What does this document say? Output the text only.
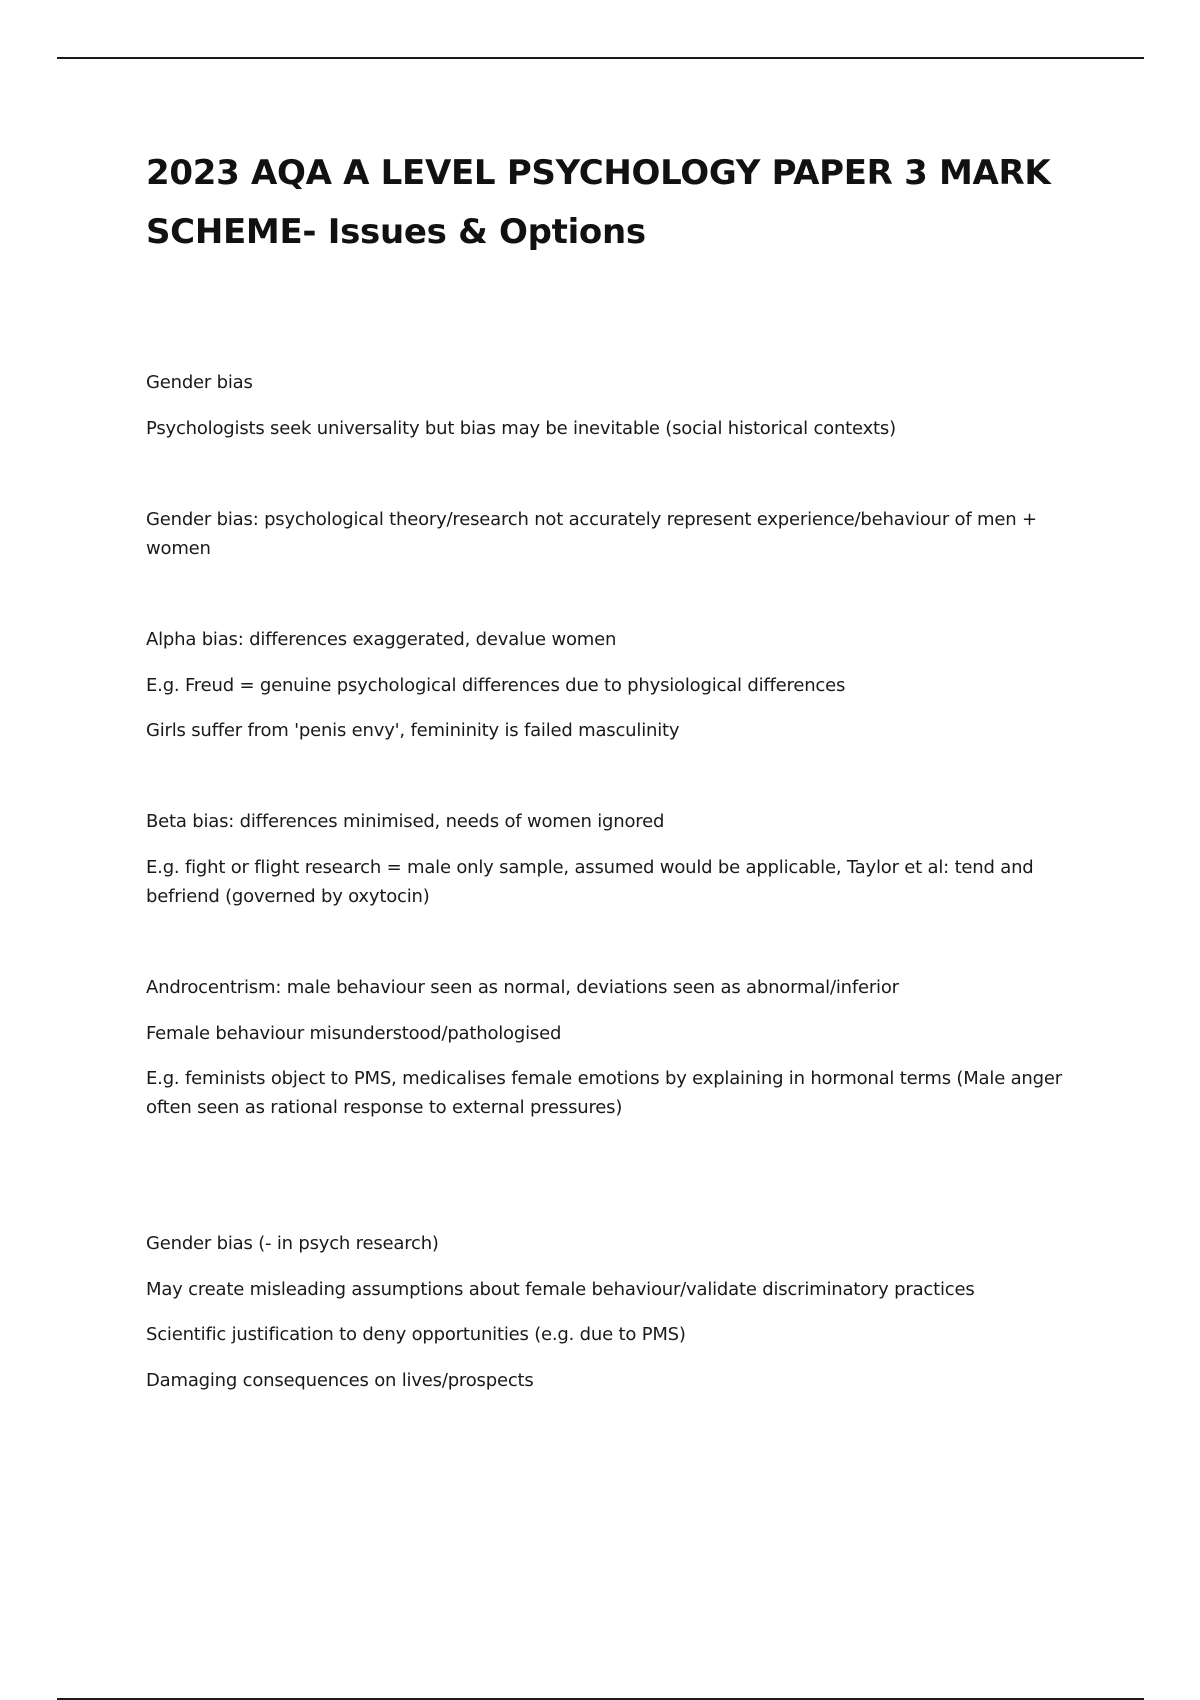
2023 AQA A LEVEL PSYCHOLOGY PAPER 3 MARK
SCHEME- Issues & Options

Gender bias

Psychologists seek universality but bias may be inevitable (social historical contexts)

Gender bias: psychological theory/research not accurately represent experience/behaviour of men + women

Alpha bias: differences exaggerated, devalue women

E.g. Freud = genuine psychological differences due to physiological differences

Girls suffer from 'penis envy', femininity is failed masculinity

Beta bias: differences minimised, needs of women ignored

E.g. fight or flight research = male only sample, assumed would be applicable, Taylor et al: tend and befriend (governed by oxytocin)

Androcentrism: male behaviour seen as normal, deviations seen as abnormal/inferior

Female behaviour misunderstood/pathologised

E.g. feminists object to PMS, medicalises female emotions by explaining in hormonal terms (Male anger often seen as rational response to external pressures)

Gender bias (- in psych research)

May create misleading assumptions about female behaviour/validate discriminatory practices

Scientific justification to deny opportunities (e.g. due to PMS)

Damaging consequences on lives/prospects
